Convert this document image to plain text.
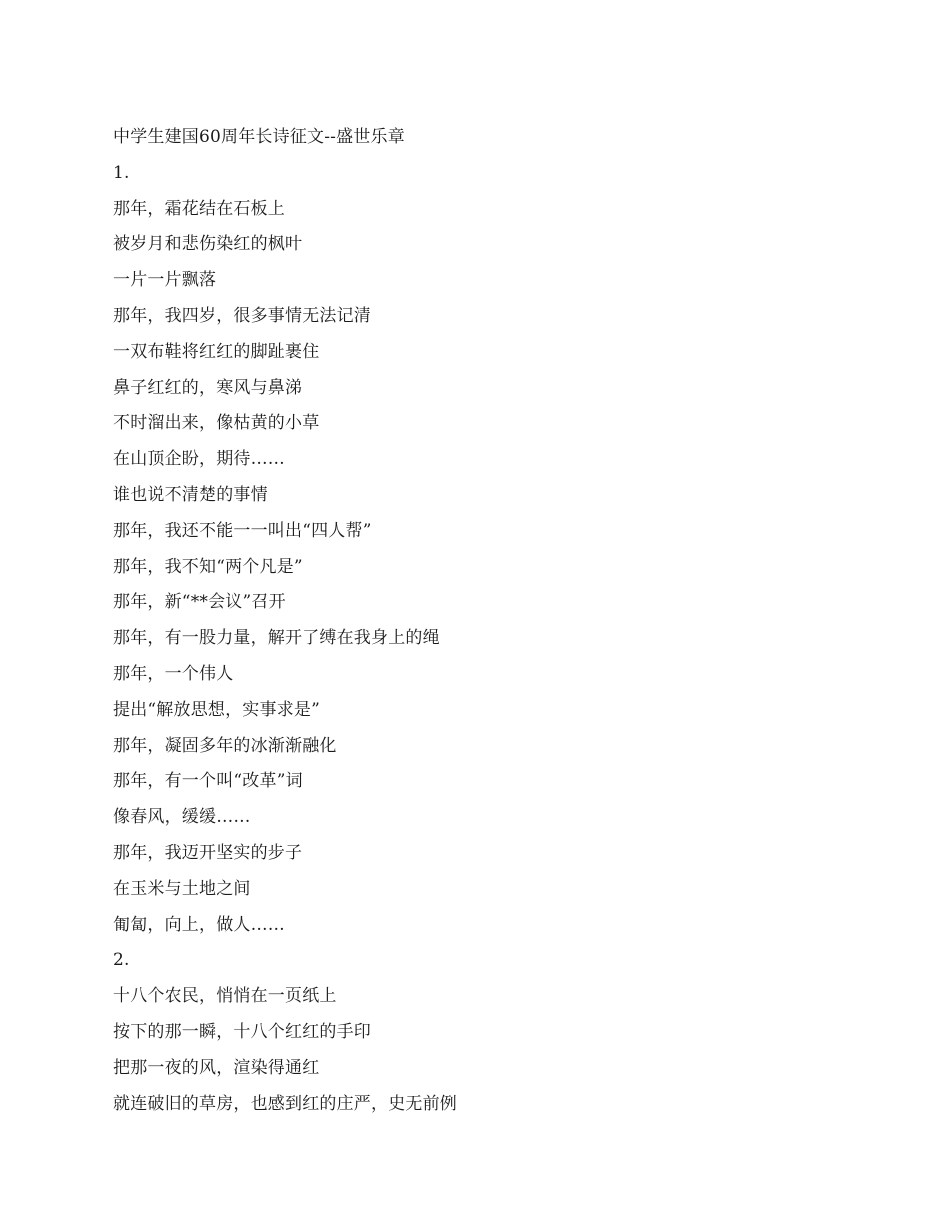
中学生建国60周年长诗征文--盛世乐章
1.
那年，霜花结在石板上
被岁月和悲伤染红的枫叶
一片一片飘落
那年，我四岁，很多事情无法记清
一双布鞋将红红的脚趾裹住
鼻子红红的，寒风与鼻涕
不时溜出来，像枯黄的小草
在山顶企盼，期待……
谁也说不清楚的事情
那年，我还不能一一叫出“四人帮”
那年，我不知“两个凡是”
那年，新“**会议”召开
那年，有一股力量，解开了缚在我身上的绳
那年，一个伟人
提出“解放思想，实事求是”
那年，凝固多年的冰渐渐融化
那年，有一个叫“改革”词
像春风，缓缓……
那年，我迈开坚实的步子
在玉米与土地之间
匍匐，向上，做人……
2.
十八个农民，悄悄在一页纸上
按下的那一瞬，十八个红红的手印
把那一夜的风，渲染得通红
就连破旧的草房，也感到红的庄严，史无前例
